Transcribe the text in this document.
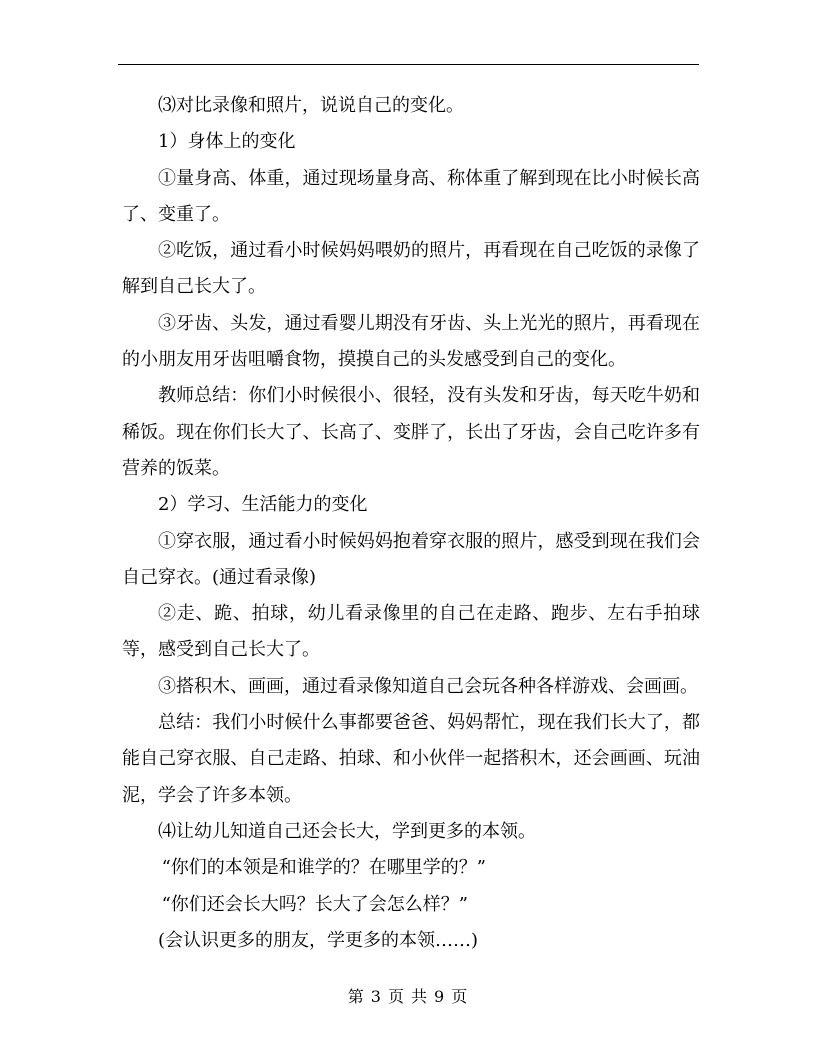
⑶对比录像和照片，说说自己的变化。

1）身体上的变化

①量身高、体重，通过现场量身高、称体重了解到现在比小时候长高了、变重了。

②吃饭，通过看小时候妈妈喂奶的照片，再看现在自己吃饭的录像了解到自己长大了。

③牙齿、头发，通过看婴儿期没有牙齿、头上光光的照片，再看现在的小朋友用牙齿咀嚼食物，摸摸自己的头发感受到自己的变化。

教师总结：你们小时候很小、很轻，没有头发和牙齿，每天吃牛奶和稀饭。现在你们长大了、长高了、变胖了，长出了牙齿，会自己吃许多有营养的饭菜。

2）学习、生活能力的变化

①穿衣服，通过看小时候妈妈抱着穿衣服的照片，感受到现在我们会自己穿衣。(通过看录像)

②走、跪、拍球，幼儿看录像里的自己在走路、跑步、左右手拍球等，感受到自己长大了。

③搭积木、画画，通过看录像知道自己会玩各种各样游戏、会画画。

总结：我们小时候什么事都要爸爸、妈妈帮忙，现在我们长大了，都能自己穿衣服、自己走路、拍球、和小伙伴一起搭积木，还会画画、玩油泥，学会了许多本领。

⑷让幼儿知道自己还会长大，学到更多的本领。

“你们的本领是和谁学的？在哪里学的？”

“你们还会长大吗？长大了会怎么样？”

(会认识更多的朋友，学更多的本领……)

第 3 页 共 9 页
